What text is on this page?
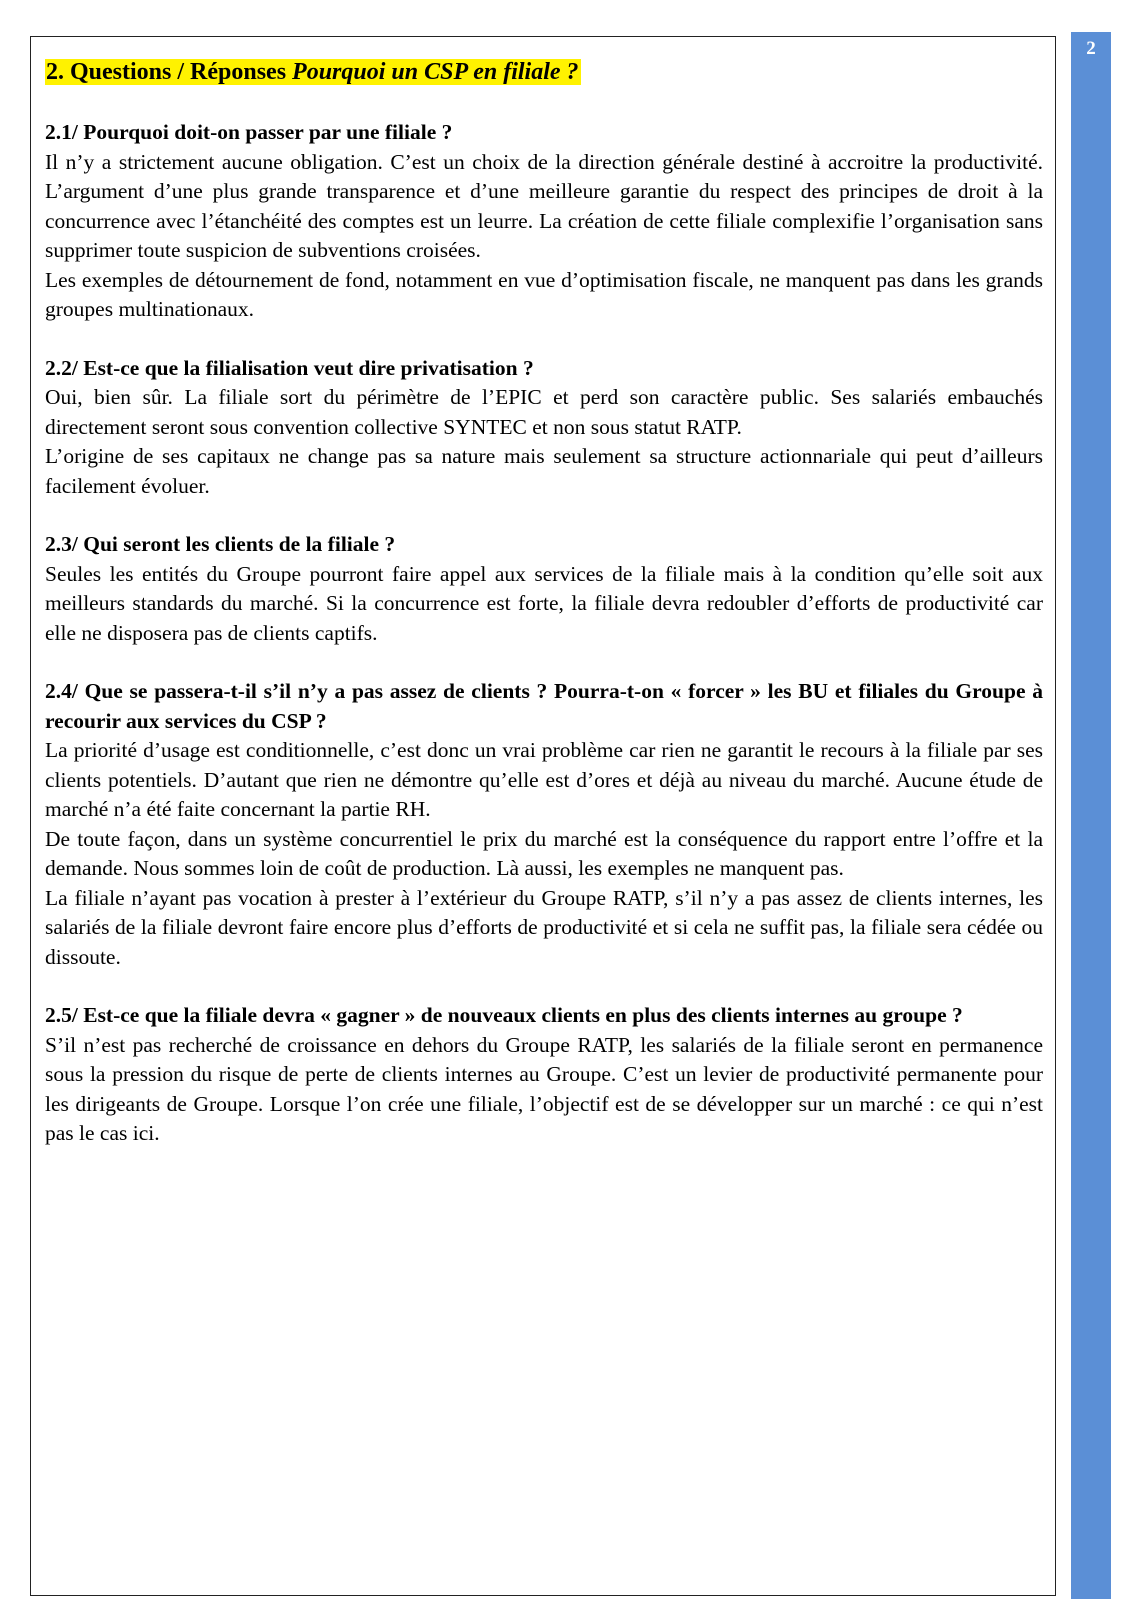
2
2. Questions / Réponses Pourquoi un CSP en filiale ?

2.1/ Pourquoi doit-on passer par une filiale ?

Il n’y a strictement aucune obligation. C’est un choix de la direction générale destiné à accroitre la productivité. L’argument d’une plus grande transparence et d’une meilleure garantie du respect des principes de droit à la concurrence avec l’étanchéité des comptes est un leurre. La création de cette filiale complexifie l’organisation sans supprimer toute suspicion de subventions croisées.

Les exemples de détournement de fond, notamment en vue d’optimisation fiscale, ne manquent pas dans les grands groupes multinationaux.

2.2/ Est-ce que la filialisation veut dire privatisation ?

Oui, bien sûr. La filiale sort du périmètre de l’EPIC et perd son caractère public. Ses salariés embauchés directement seront sous convention collective SYNTEC et non sous statut RATP.

L’origine de ses capitaux ne change pas sa nature mais seulement sa structure actionnariale qui peut d’ailleurs facilement évoluer.

2.3/ Qui seront les clients de la filiale ?

Seules les entités du Groupe pourront faire appel aux services de la filiale mais à la condition qu’elle soit aux meilleurs standards du marché. Si la concurrence est forte, la filiale devra redoubler d’efforts de productivité car elle ne disposera pas de clients captifs.

2.4/ Que se passera-t-il s’il n’y a pas assez de clients ? Pourra-t-on « forcer » les BU et filiales du Groupe à recourir aux services du CSP ?

La priorité d’usage est conditionnelle, c’est donc un vrai problème car rien ne garantit le recours à la filiale par ses clients potentiels. D’autant que rien ne démontre qu’elle est d’ores et déjà au niveau du marché. Aucune étude de marché n’a été faite concernant la partie RH.

De toute façon, dans un système concurrentiel le prix du marché est la conséquence du rapport entre l’offre et la demande. Nous sommes loin de coût de production. Là aussi, les exemples ne manquent pas.

La filiale n’ayant pas vocation à prester à l’extérieur du Groupe RATP, s’il n’y a pas assez de clients internes, les salariés de la filiale devront faire encore plus d’efforts de productivité et si cela ne suffit pas, la filiale sera cédée ou dissoute.

2.5/ Est-ce que la filiale devra « gagner » de nouveaux clients en plus des clients internes au groupe ?

S’il n’est pas recherché de croissance en dehors du Groupe RATP, les salariés de la filiale seront en permanence sous la pression du risque de perte de clients internes au Groupe. C’est un levier de productivité permanente pour les dirigeants de Groupe. Lorsque l’on crée une filiale, l’objectif est de se développer sur un marché : ce qui n’est pas le cas ici.
